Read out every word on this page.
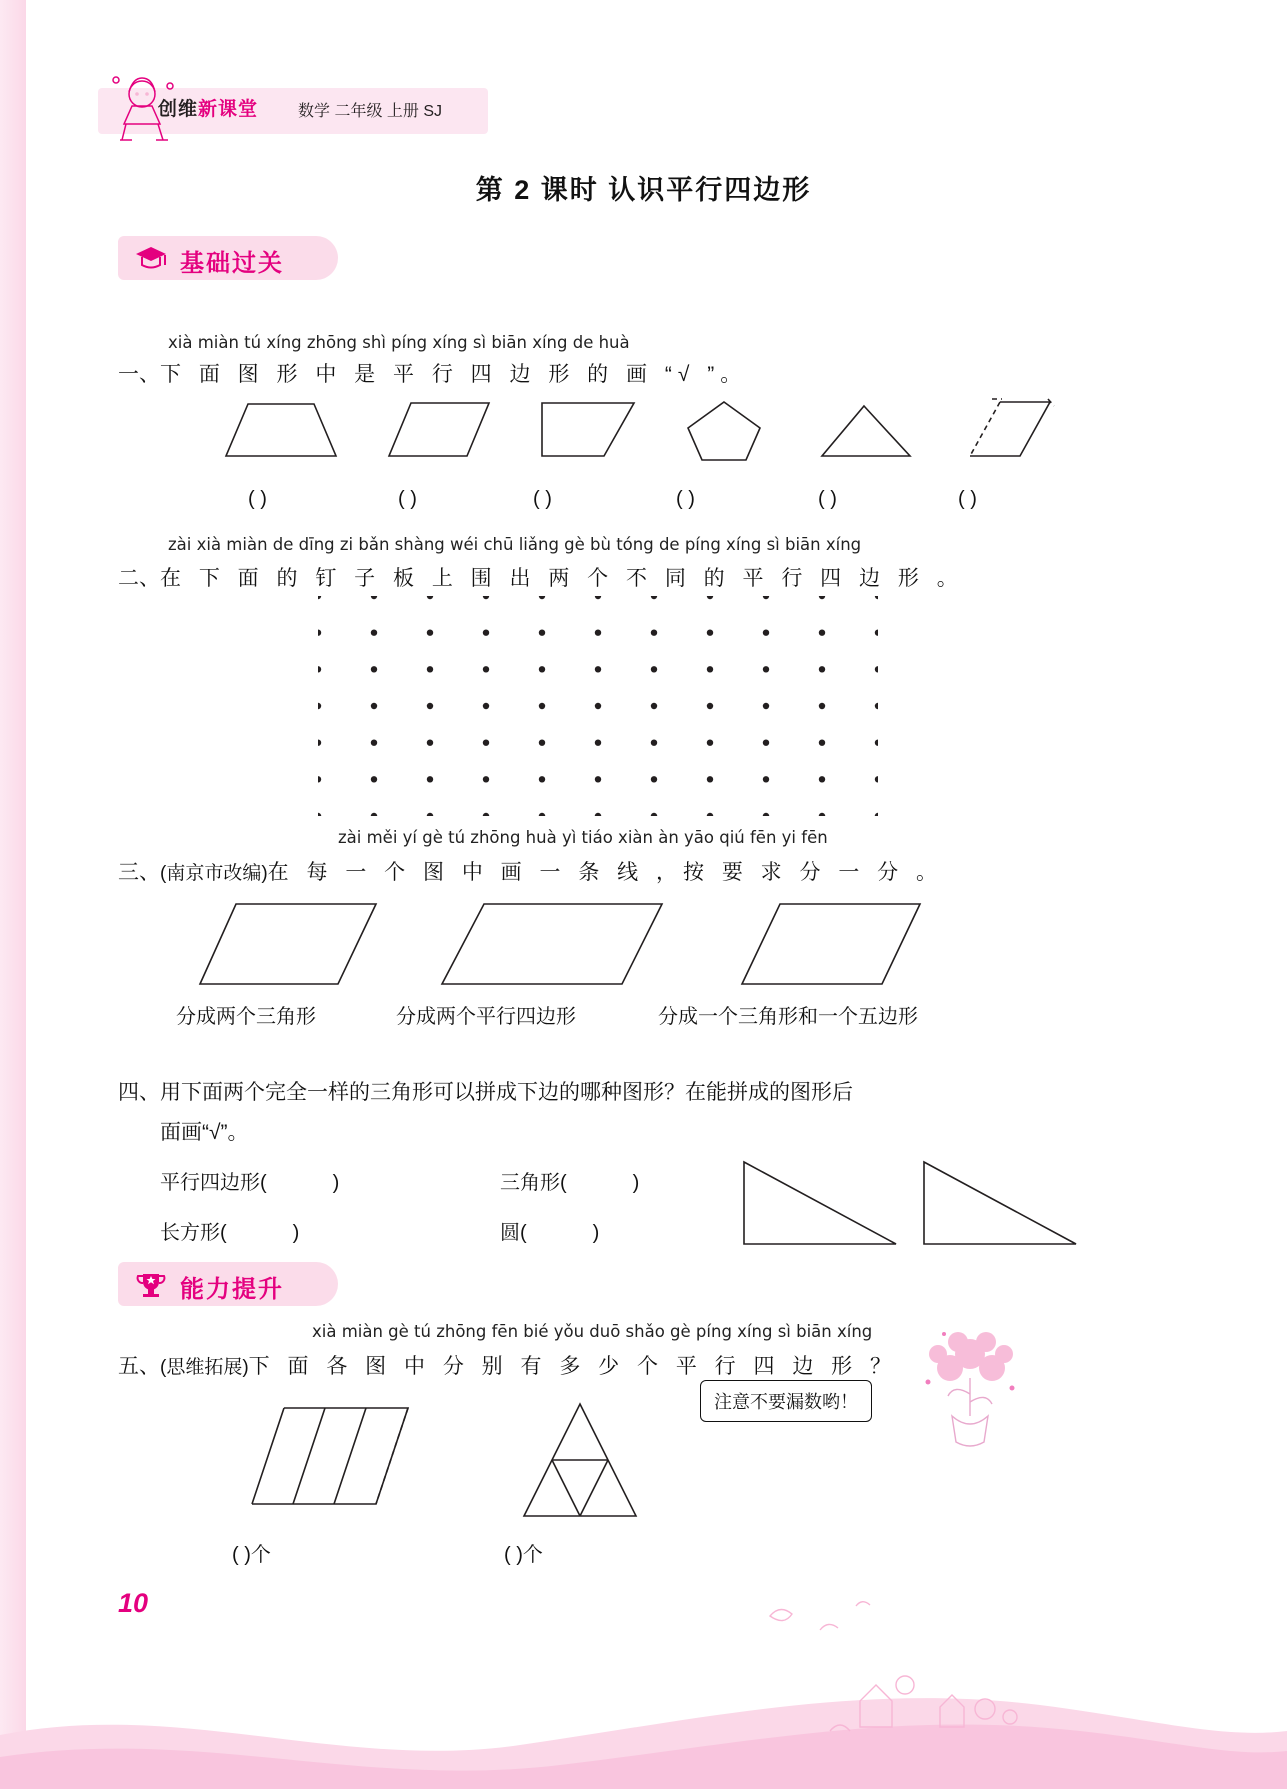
创维新课堂 数学 二年级 上册 SJ
第 2 课时 认识平行四边形
基础过关
xià miàn tú xíng zhōng shì píng xíng sì biān xíng de huà
一、下 面 图 形 中 是 平 行 四 边 形 的 画 “√ ”。
( )	( )	( )	( )	( )	( )
zài xià miàn de dīng zi bǎn shàng wéi chū liǎng gè bù tóng de píng xíng sì biān xíng
二、在 下 面 的 钉 子 板 上 围 出 两 个 不 同 的 平 行 四 边 形 。
zài měi yí gè tú zhōng huà yì tiáo xiàn àn yāo qiú fēn yi fēn
三、(南京市改编)在 每 一 个 图 中 画 一 条 线 ，按 要 求 分 一 分 。
分成两个三角形	分成两个平行四边形	分成一个三角形和一个五边形
四、用下面两个完全一样的三角形可以拼成下边的哪种图形？在能拼成的图形后
面画“√”。
平行四边形(	)	三角形(	)
长方形(	)	圆(	)
能力提升
xià miàn gè tú zhōng fēn bié yǒu duō shǎo gè píng xíng sì biān xíng
五、(思维拓展)下 面 各 图 中 分 别 有 多 少 个 平 行 四 边 形 ？
注意不要漏数哟！
( )个	( )个
10
